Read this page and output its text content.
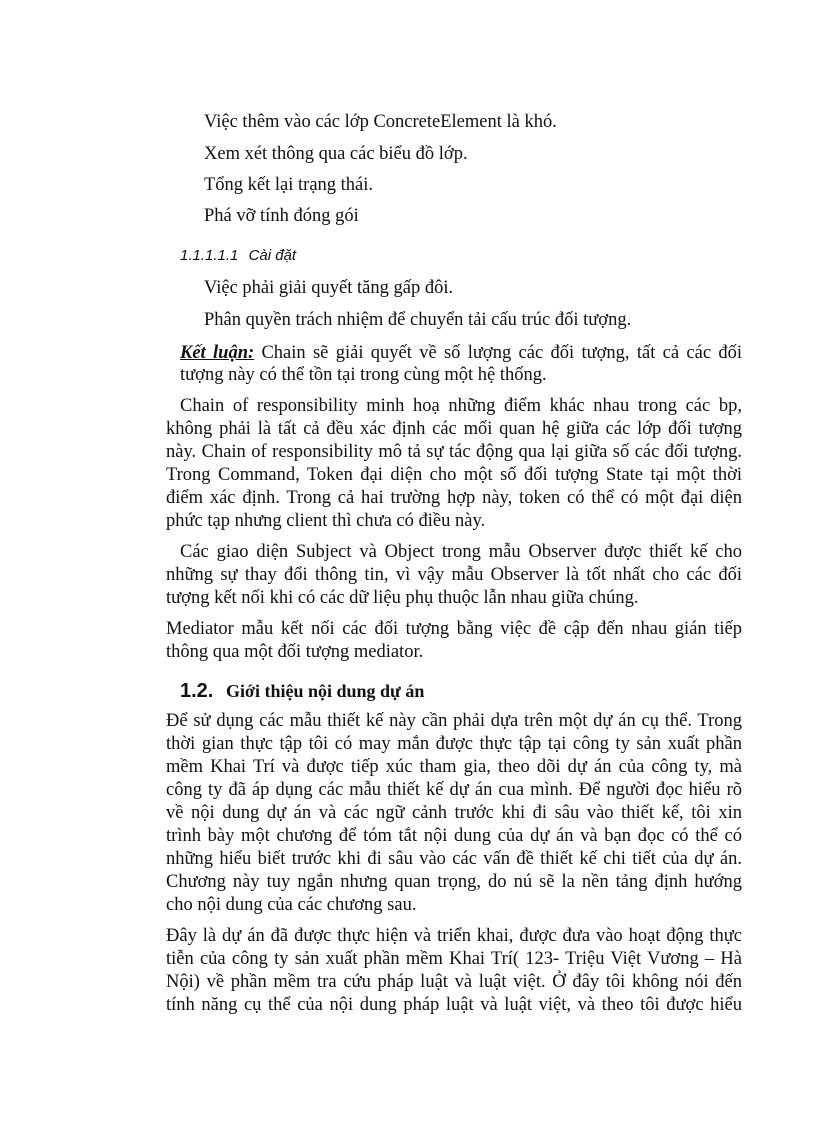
Việc thêm vào các lớp ConcreteElement là khó.
Xem xét thông qua các biểu đồ lớp.
Tổng kết lại trạng thái.
Phá vỡ tính đóng gói
1.1.1.1.1 Cài đặt
Việc phải giải quyết tăng gấp đôi.
Phân quyền trách nhiệm để chuyển tải cấu trúc đối tượng.
Kết luận: Chain sẽ giải quyết về số lượng các đối tượng, tất cả các đối
tượng này có thể tồn tại trong cùng một hệ thống.
Chain of responsibility minh hoạ những điểm khác nhau trong các bp,
không phải là tất cả đều xác định các mối quan hệ giữa các lớp đối tượng
này. Chain of responsibility mô tả sự tác động qua lại giữa số các đối tượng.
Trong Command, Token đại diện cho một số đối tượng State tại một thời
điểm xác định. Trong cả hai trường hợp này, token có thể có một đại diện
phức tạp nhưng client thì chưa có điều này.
Các giao diện Subject và Object trong mẫu Observer được thiết kế cho
những sự thay đổi thông tin, vì vậy mẫu Observer là tốt nhất cho các đối
tượng kết nối khi có các dữ liệu phụ thuộc lẫn nhau giữa chúng.
Mediator mẫu kết nối các đối tượng bằng việc đề cập đến nhau gián tiếp
thông qua một đối tượng mediator.
1.2. Giới thiệu nội dung dự án
Để sử dụng các mẫu thiết kế này cần phải dựa trên một dự án cụ thể. Trong
thời gian thực tập tôi có may mắn được thực tập tại công ty sản xuất phần
mềm Khai Trí và được tiếp xúc tham gia, theo dõi dự án của công ty, mà
công ty đã áp dụng các mẫu thiết kế dự án cua mình. Để người đọc hiểu rõ
về nội dung dự án và các ngữ cảnh trước khi đi sâu vào thiết kế, tôi xin
trình bày một chương để tóm tắt nội dung của dự án và bạn đọc có thể có
những hiểu biết trước khi đi sâu vào các vấn đề thiết kế chi tiết của dự án.
Chương này tuy ngắn nhưng quan trọng, do nú sẽ la nền tảng định hướng
cho nội dung của các chương sau.
Đây là dự án đã được thực hiện và triển khai, được đưa vào hoạt động thực
tiễn của công ty sản xuất phần mềm Khai Trí( 123- Triệu Việt Vương – Hà
Nội) về phần mềm tra cứu pháp luật và luật việt. Ở đây tôi không nói đến
tính năng cụ thể của nội dung pháp luật và luật việt, và theo tôi được hiểu
